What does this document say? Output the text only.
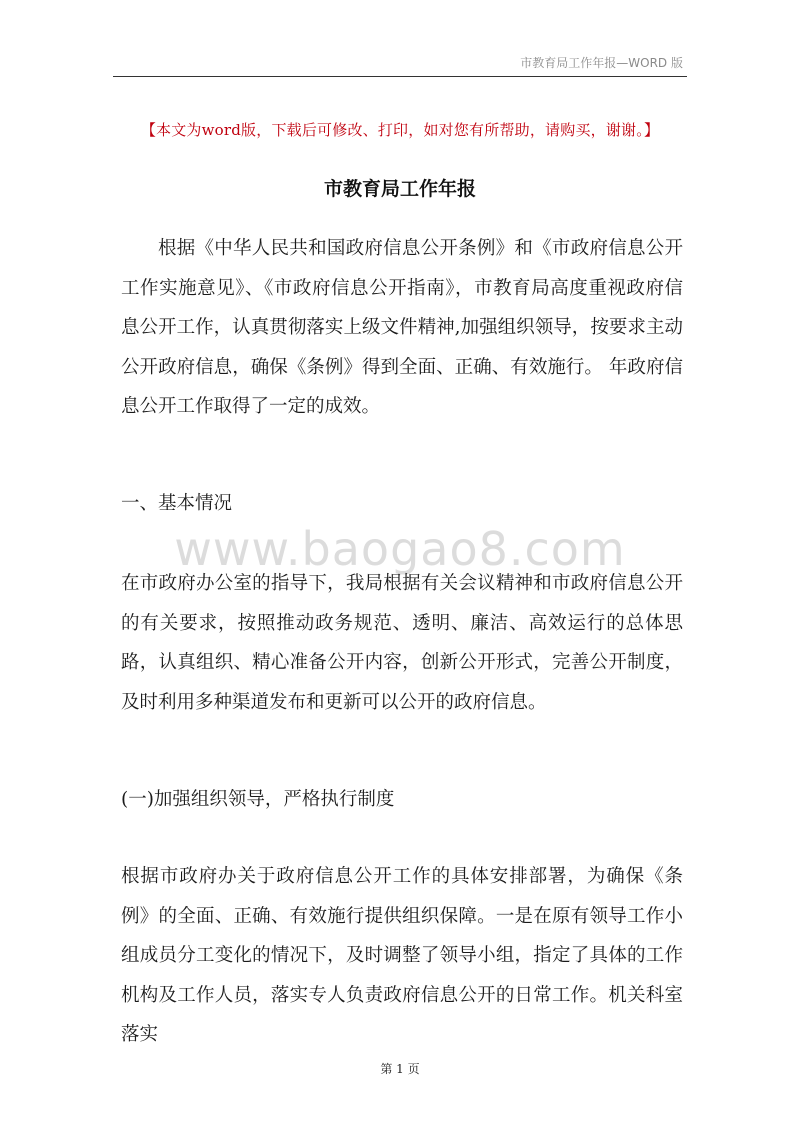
市教育局工作年报—WORD 版
【本文为word版，下载后可修改、打印，如对您有所帮助，请购买，谢谢。】
市教育局工作年报

根据《中华人民共和国政府信息公开条例》和《市政府信息公开工作实施意见》、《市政府信息公开指南》，市教育局高度重视政府信息公开工作，认真贯彻落实上级文件精神,加强组织领导，按要求主动公开政府信息，确保《条例》得到全面、正确、有效施行。 年政府信息公开工作取得了一定的成效。

一、基本情况
www.baogao8.com

在市政府办公室的指导下，我局根据有关会议精神和市政府信息公开的有关要求，按照推动政务规范、透明、廉洁、高效运行的总体思路，认真组织、精心准备公开内容，创新公开形式，完善公开制度，及时利用多种渠道发布和更新可以公开的政府信息。

(一)加强组织领导，严格执行制度

根据市政府办关于政府信息公开工作的具体安排部署，为确保《条例》的全面、正确、有效施行提供组织保障。一是在原有领导工作小组成员分工变化的情况下，及时调整了领导小组，指定了具体的工作机构及工作人员，落实专人负责政府信息公开的日常工作。机关科室落实

第 1 页
